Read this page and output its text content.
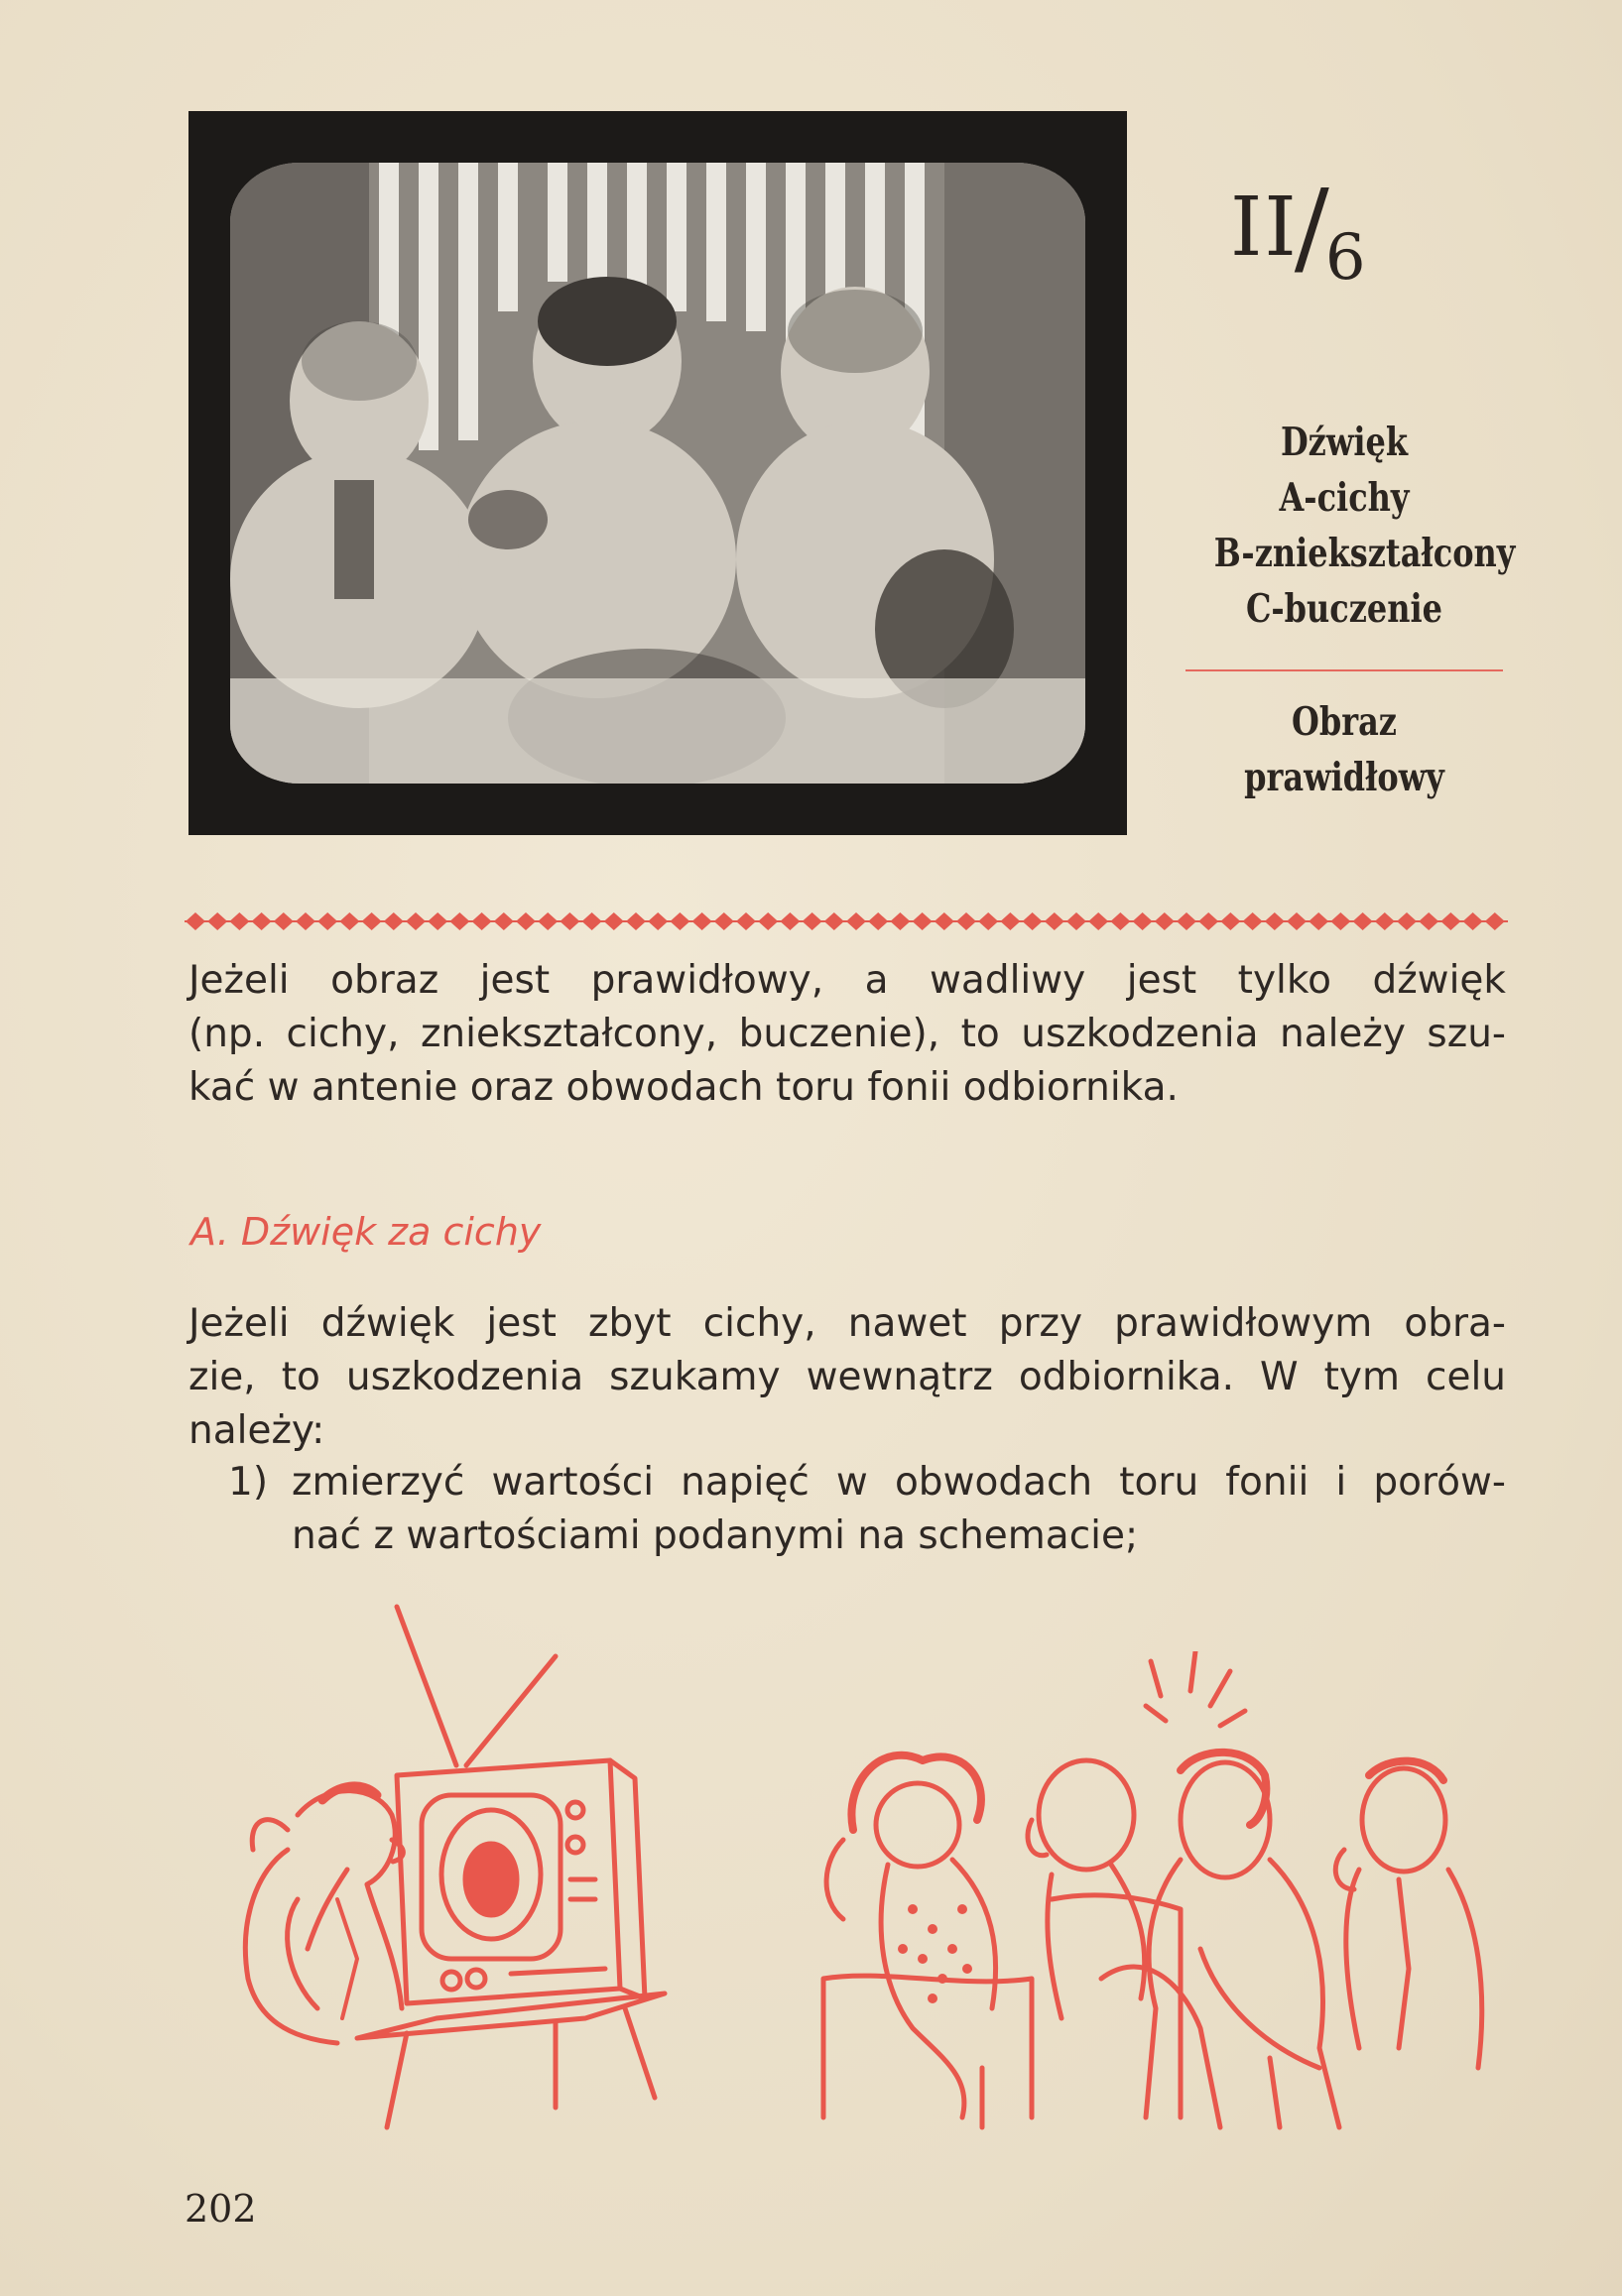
II/6
Dźwięk
A-cichy
B-zniekształcony
C-buczenie
Obraz
prawidłowy
Jeżeli obraz jest prawidłowy, a wadliwy jest tylko dźwięk
(np. cichy, zniekształcony, buczenie), to uszkodzenia należy szu-
kać w antenie oraz obwodach toru fonii odbiornika.
A. Dźwięk za cichy
Jeżeli dźwięk jest zbyt cichy, nawet przy prawidłowym obra-
zie, to uszkodzenia szukamy wewnątrz odbiornika. W tym celu
należy:
1) zmierzyć wartości napięć w obwodach toru fonii i porów-
nać z wartościami podanymi na schemacie;
202
